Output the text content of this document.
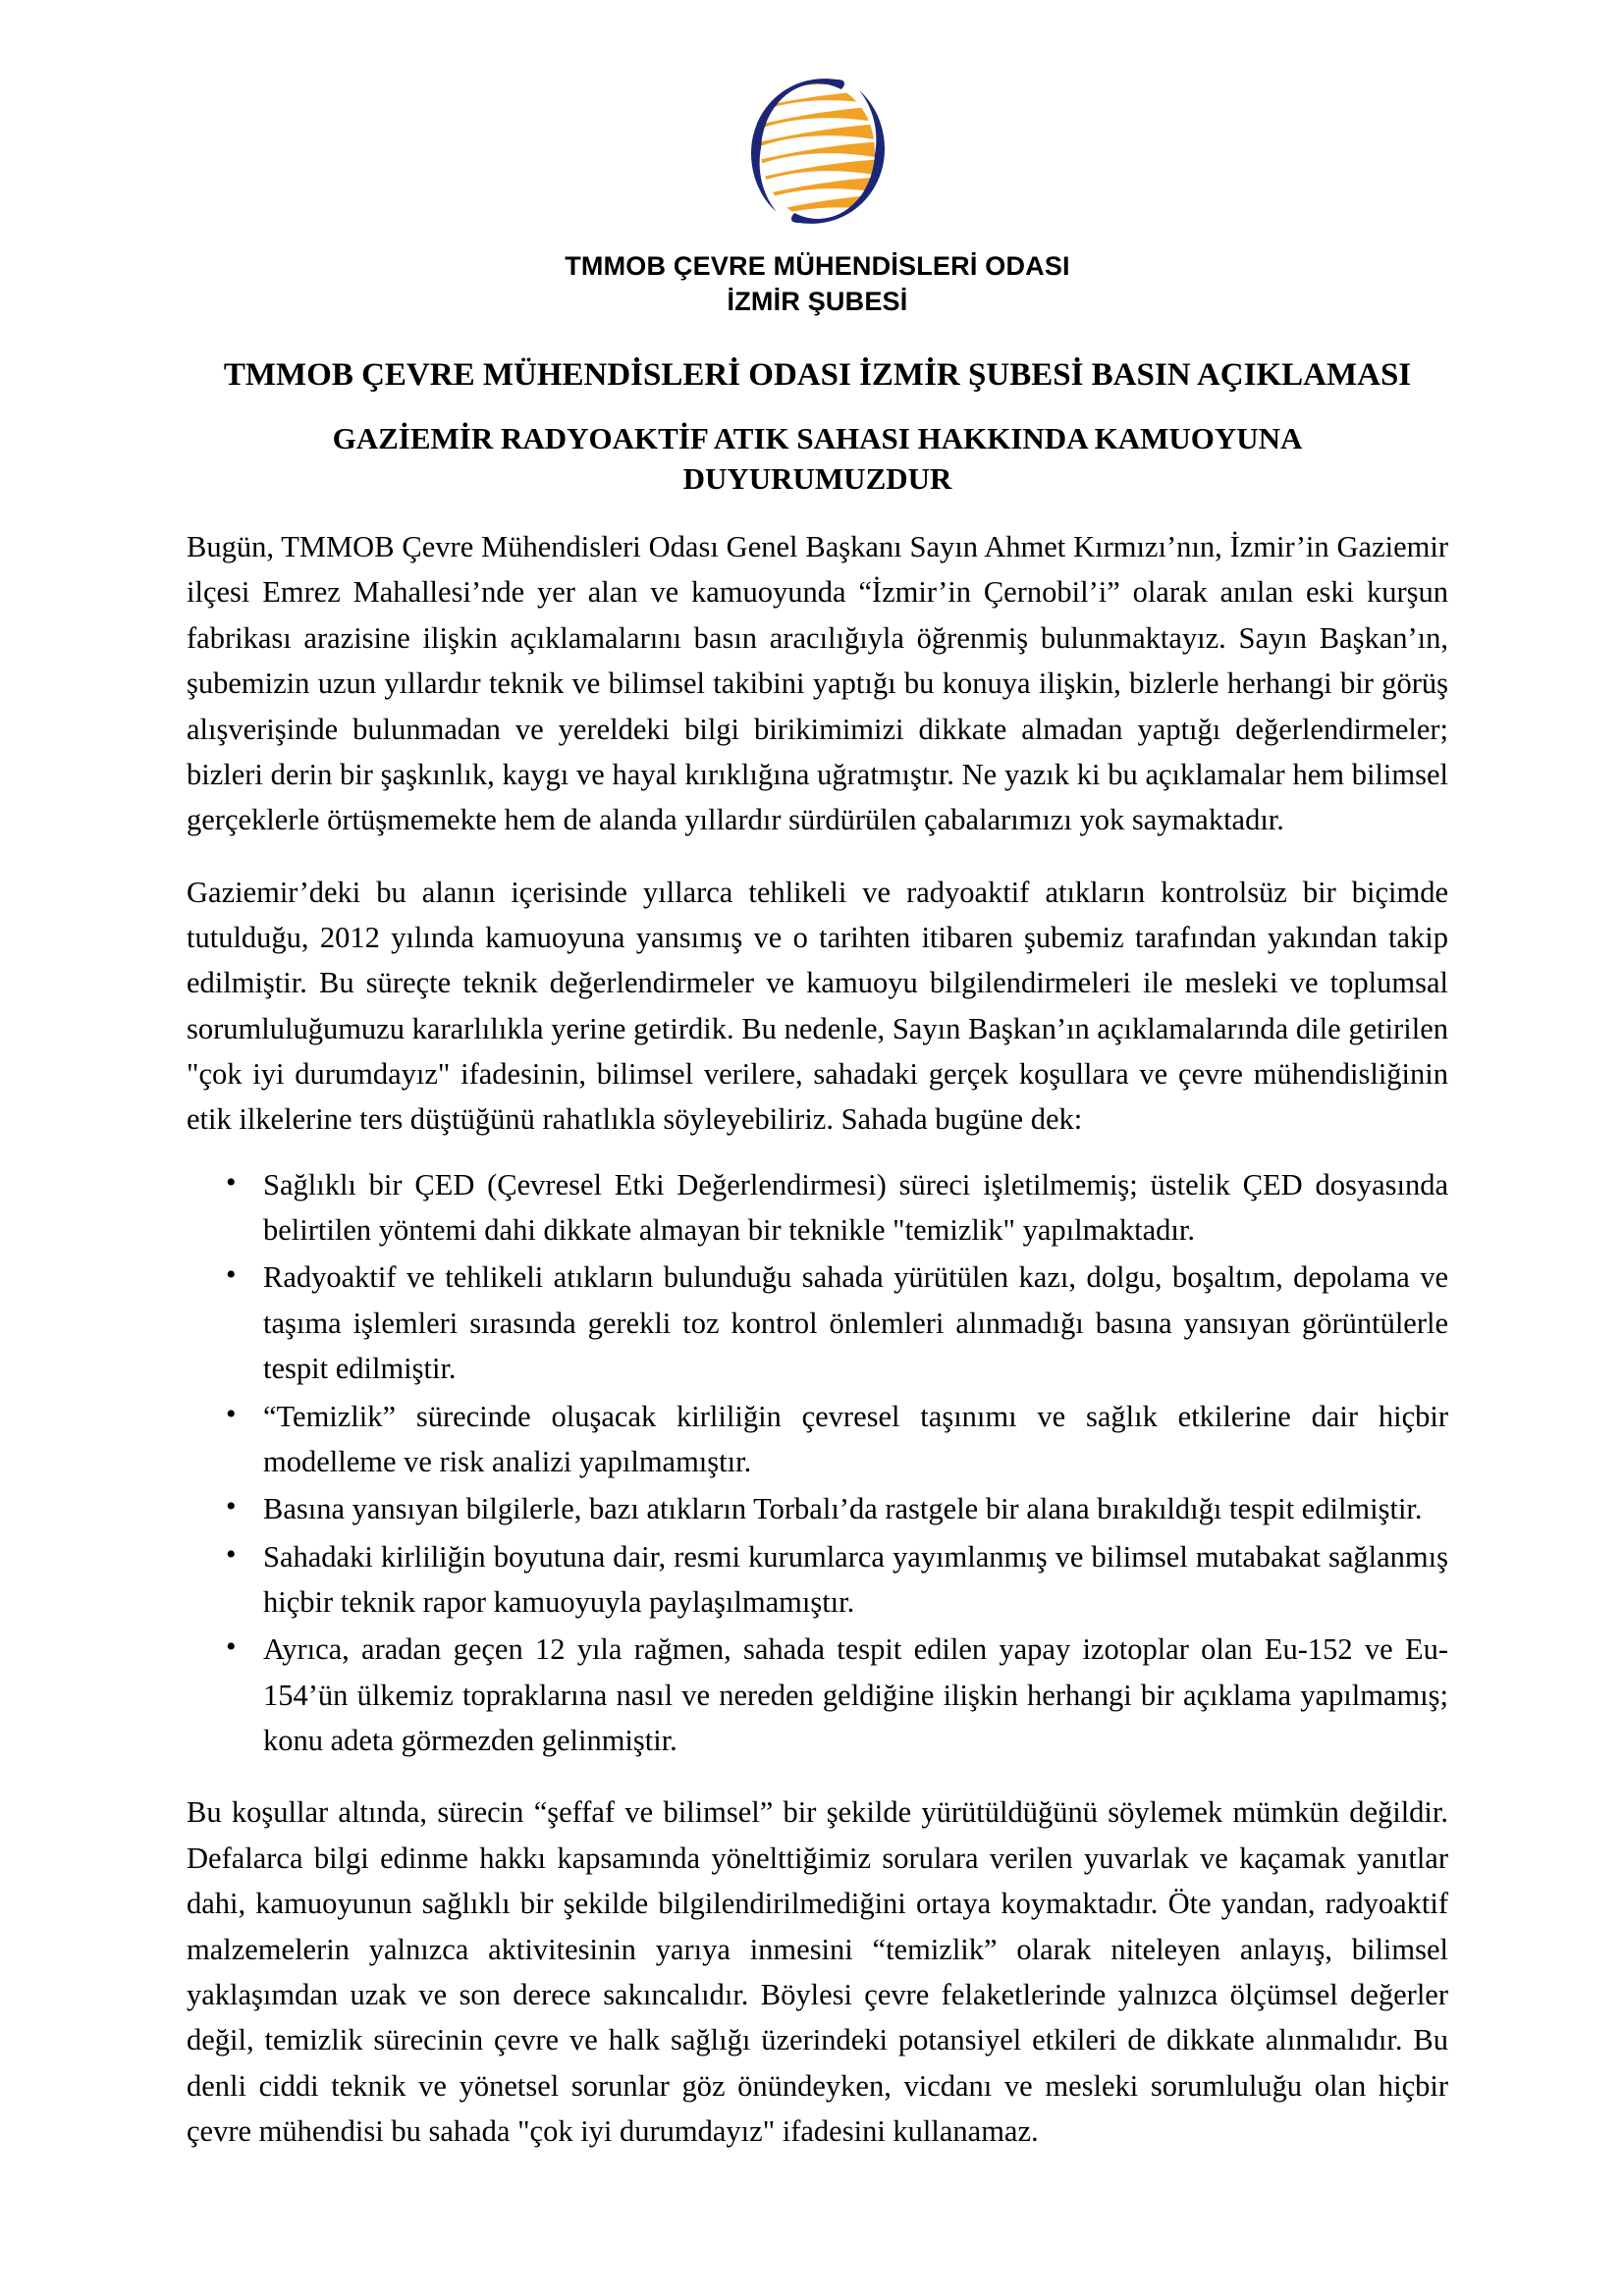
TMMOB ÇEVRE MÜHENDİSLERİ ODASI
İZMİR ŞUBESİ
TMMOB ÇEVRE MÜHENDİSLERİ ODASI İZMİR ŞUBESİ BASIN AÇIKLAMASI
GAZİEMİR RADYOAKTİF ATIK SAHASI HAKKINDA KAMUOYUNA DUYURUMUZDUR

Bugün, TMMOB Çevre Mühendisleri Odası Genel Başkanı Sayın Ahmet Kırmızı’nın, İzmir’in Gaziemir ilçesi Emrez Mahallesi’nde yer alan ve kamuoyunda “İzmir’in Çernobil’i” olarak anılan eski kurşun fabrikası arazisine ilişkin açıklamalarını basın aracılığıyla öğrenmiş bulunmaktayız. Sayın Başkan’ın, şubemizin uzun yıllardır teknik ve bilimsel takibini yaptığı bu konuya ilişkin, bizlerle herhangi bir görüş alışverişinde bulunmadan ve yereldeki bilgi birikimimizi dikkate almadan yaptığı değerlendirmeler; bizleri derin bir şaşkınlık, kaygı ve hayal kırıklığına uğratmıştır. Ne yazık ki bu açıklamalar hem bilimsel gerçeklerle örtüşmemekte hem de alanda yıllardır sürdürülen çabalarımızı yok saymaktadır.

Gaziemir’deki bu alanın içerisinde yıllarca tehlikeli ve radyoaktif atıkların kontrolsüz bir biçimde tutulduğu, 2012 yılında kamuoyuna yansımış ve o tarihten itibaren şubemiz tarafından yakından takip edilmiştir. Bu süreçte teknik değerlendirmeler ve kamuoyu bilgilendirmeleri ile mesleki ve toplumsal sorumluluğumuzu kararlılıkla yerine getirdik. Bu nedenle, Sayın Başkan’ın açıklamalarında dile getirilen "çok iyi durumdayız" ifadesinin, bilimsel verilere, sahadaki gerçek koşullara ve çevre mühendisliğinin etik ilkelerine ters düştüğünü rahatlıkla söyleyebiliriz. Sahada bugüne dek:

• Sağlıklı bir ÇED (Çevresel Etki Değerlendirmesi) süreci işletilmemiş; üstelik ÇED dosyasında belirtilen yöntemi dahi dikkate almayan bir teknikle "temizlik" yapılmaktadır.
• Radyoaktif ve tehlikeli atıkların bulunduğu sahada yürütülen kazı, dolgu, boşaltım, depolama ve taşıma işlemleri sırasında gerekli toz kontrol önlemleri alınmadığı basına yansıyan görüntülerle tespit edilmiştir.
• “Temizlik” sürecinde oluşacak kirliliğin çevresel taşınımı ve sağlık etkilerine dair hiçbir modelleme ve risk analizi yapılmamıştır.
• Basına yansıyan bilgilerle, bazı atıkların Torbalı’da rastgele bir alana bırakıldığı tespit edilmiştir.
• Sahadaki kirliliğin boyutuna dair, resmi kurumlarca yayımlanmış ve bilimsel mutabakat sağlanmış hiçbir teknik rapor kamuoyuyla paylaşılmamıştır.
• Ayrıca, aradan geçen 12 yıla rağmen, sahada tespit edilen yapay izotoplar olan Eu-152 ve Eu-154’ün ülkemiz topraklarına nasıl ve nereden geldiğine ilişkin herhangi bir açıklama yapılmamış; konu adeta görmezden gelinmiştir.

Bu koşullar altında, sürecin “şeffaf ve bilimsel” bir şekilde yürütüldüğünü söylemek mümkün değildir. Defalarca bilgi edinme hakkı kapsamında yönelttiğimiz sorulara verilen yuvarlak ve kaçamak yanıtlar dahi, kamuoyunun sağlıklı bir şekilde bilgilendirilmediğini ortaya koymaktadır. Öte yandan, radyoaktif malzemelerin yalnızca aktivitesinin yarıya inmesini “temizlik” olarak niteleyen anlayış, bilimsel yaklaşımdan uzak ve son derece sakıncalıdır. Böylesi çevre felaketlerinde yalnızca ölçümsel değerler değil, temizlik sürecinin çevre ve halk sağlığı üzerindeki potansiyel etkileri de dikkate alınmalıdır. Bu denli ciddi teknik ve yönetsel sorunlar göz önündeyken, vicdanı ve mesleki sorumluluğu olan hiçbir çevre mühendisi bu sahada "çok iyi durumdayız" ifadesini kullanamaz.
